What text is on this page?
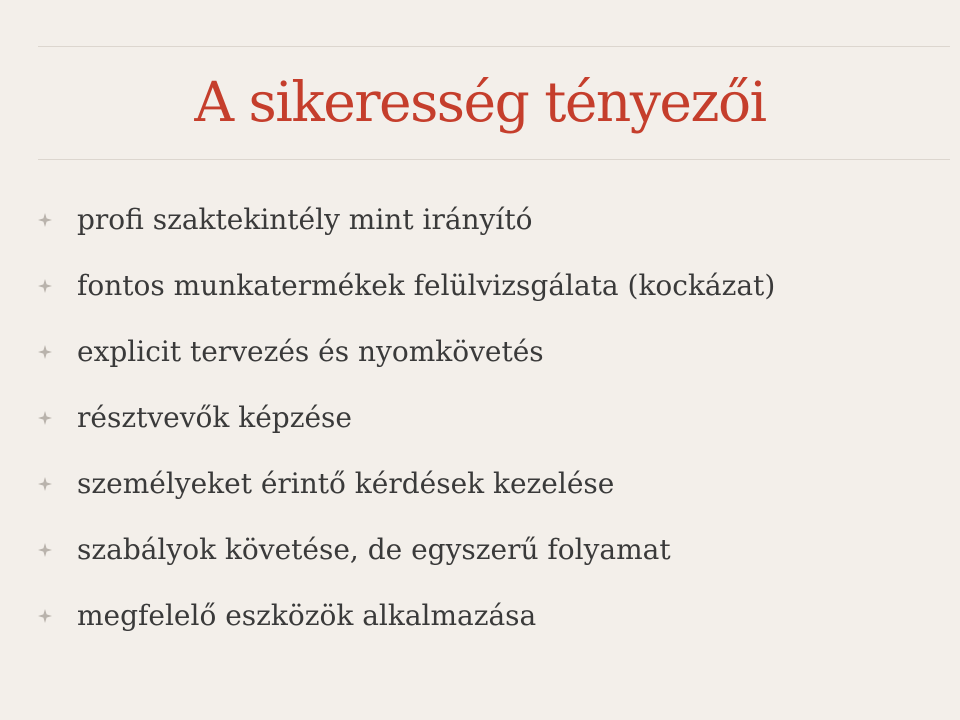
A sikeresség tényezői
profi szaktekintély mint irányító
fontos munkatermékek felülvizsgálata (kockázat)
explicit tervezés és nyomkövetés
résztvevők képzése
személyeket érintő kérdések kezelése
szabályok követése, de egyszerű folyamat
megfelelő eszközök alkalmazása
